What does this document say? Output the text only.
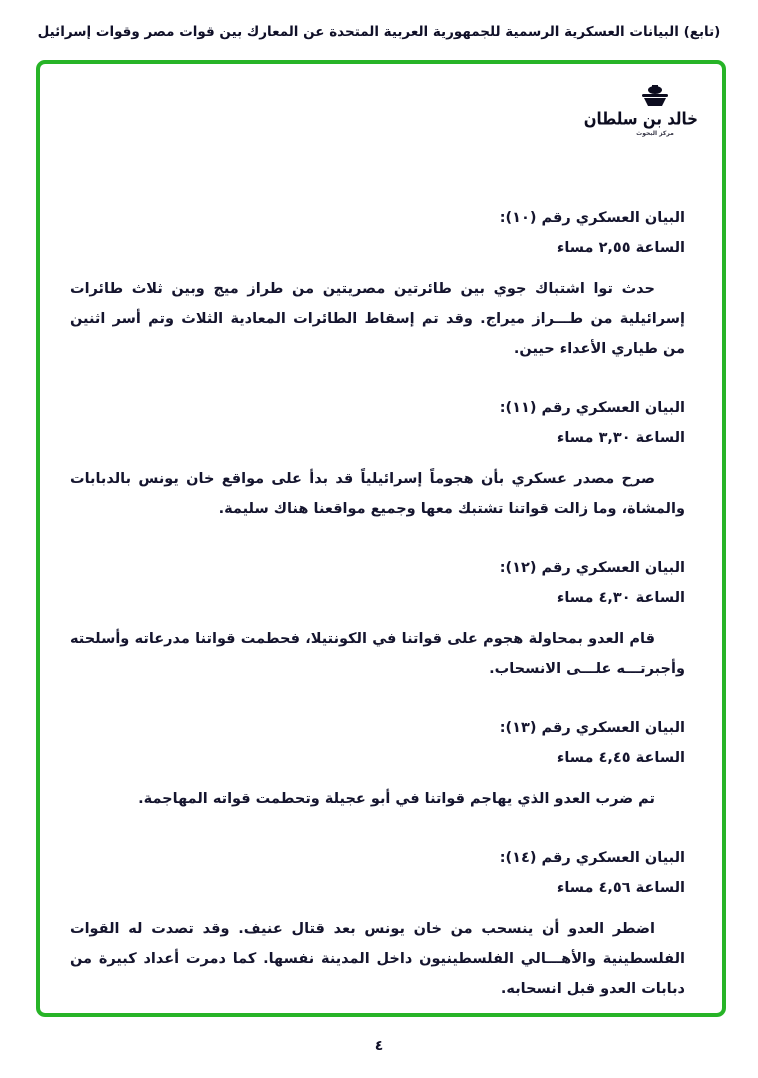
(تابع) البيانات العسكرية الرسمية للجمهورية العربية المتحدة عن المعارك بين قوات مصر وقوات إسرائيل
خالد بن سلطان
مركز البحوث
البيان العسكري رقم (١٠):
الساعة ٢,٥٥ مساء

حدث توا اشتباك جوي بين طائرتين مصريتين من طراز ميج وبين ثلاث طائرات إسرائيلية من طـــراز ميراج. وقد تم إسقاط الطائرات المعادية الثلاث وتم أسر اثنين من طياري الأعداء حيين.

البيان العسكري رقم (١١):
الساعة ٣,٣٠ مساء

صرح مصدر عسكري بأن هجوماً إسرائيلياً قد بدأ على مواقع خان يونس بالدبابات والمشاة، وما زالت قواتنا تشتبك معها وجميع مواقعنا هناك سليمة.

البيان العسكري رقم (١٢):
الساعة ٤,٣٠ مساء

قام العدو بمحاولة هجوم على قواتنا في الكونتيلا، فحطمت قواتنا مدرعاته وأسلحته وأجبرتـــه علـــى الانسحاب.

البيان العسكري رقم (١٣):
الساعة ٤,٤٥ مساء

تم ضرب العدو الذي يهاجم قواتنا في أبو عجيلة وتحطمت قواته المهاجمة.

البيان العسكري رقم (١٤):
الساعة ٤,٥٦ مساء

اضطر العدو أن ينسحب من خان يونس بعد قتال عنيف. وقد تصدت له القوات الفلسطينية والأهـــالي الفلسطينيون داخل المدينة نفسها. كما دمرت أعداد كبيرة من دبابات العدو قبل انسحابه.

٤
